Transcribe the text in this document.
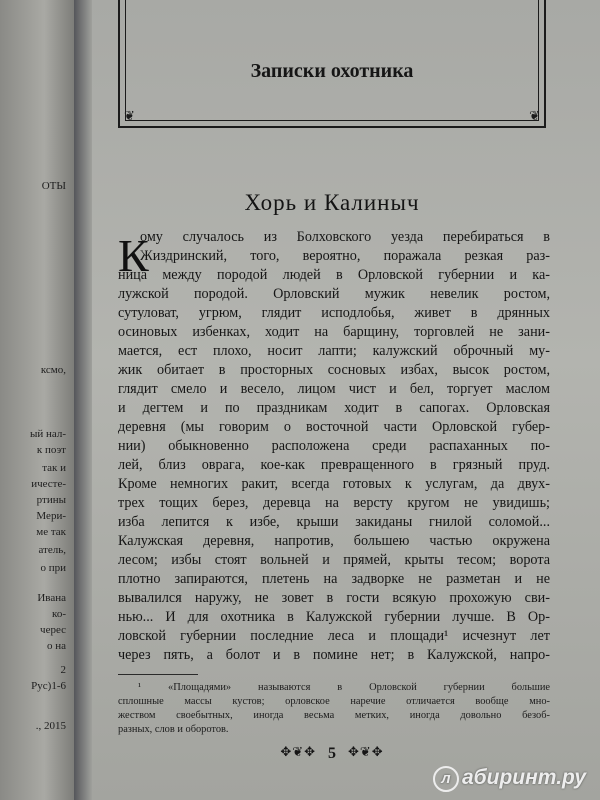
ОТЫ
ксмо,
ый нал-
к поэт
так и
ичесте-
ртины
Мери-
ме так
атель,
о при
Ивана
ко-
черес
о на
2
Рус)1-6
., 2015
❦	❦
Записки охотника
Хорь и Калиныч
К
ому случалось из Болховского уезда перебираться в
Жиздринский, того, вероятно, поражала резкая раз-
ница между породой людей в Орловской губернии и ка-
лужской породой. Орловский мужик невелик ростом,
сутуловат, угрюм, глядит исподлобья, живет в дрянных
осиновых избенках, ходит на барщину, торговлей не зани-
мается, ест плохо, носит лапти; калужский оброчный му-
жик обитает в просторных сосновых избах, высок ростом,
глядит смело и весело, лицом чист и бел, торгует маслом
и дегтем и по праздникам ходит в сапогах. Орловская
деревня (мы говорим о восточной части Орловской губер-
нии) обыкновенно расположена среди распаханных по-
лей, близ оврага, кое-как превращенного в грязный пруд.
Кроме немногих ракит, всегда готовых к услугам, да двух-
трех тощих берез, деревца на версту кругом не увидишь;
изба лепится к избе, крыши закиданы гнилой соломой...
Калужская деревня, напротив, большею частью окружена
лесом; избы стоят вольней и прямей, крыты тесом; ворота
плотно запираются, плетень на задворке не разметан и не
вывалился наружу, не зовет в гости всякую прохожую сви-
нью... И для охотника в Калужской губернии лучше. В Ор-
ловской губернии последние леса и площади¹ исчезнут лет
через пять, а болот и в помине нет; в Калужской, напро-
¹ «Площадями» называются в Орловской губернии большие
сплошные массы кустов; орловское наречие отличается вообще мно-
жеством своебытных, иногда весьма метких, иногда довольно безоб-
разных, слов и оборотов.
✥❦✥ 5 ✥❦✥
л абиринт.ру
